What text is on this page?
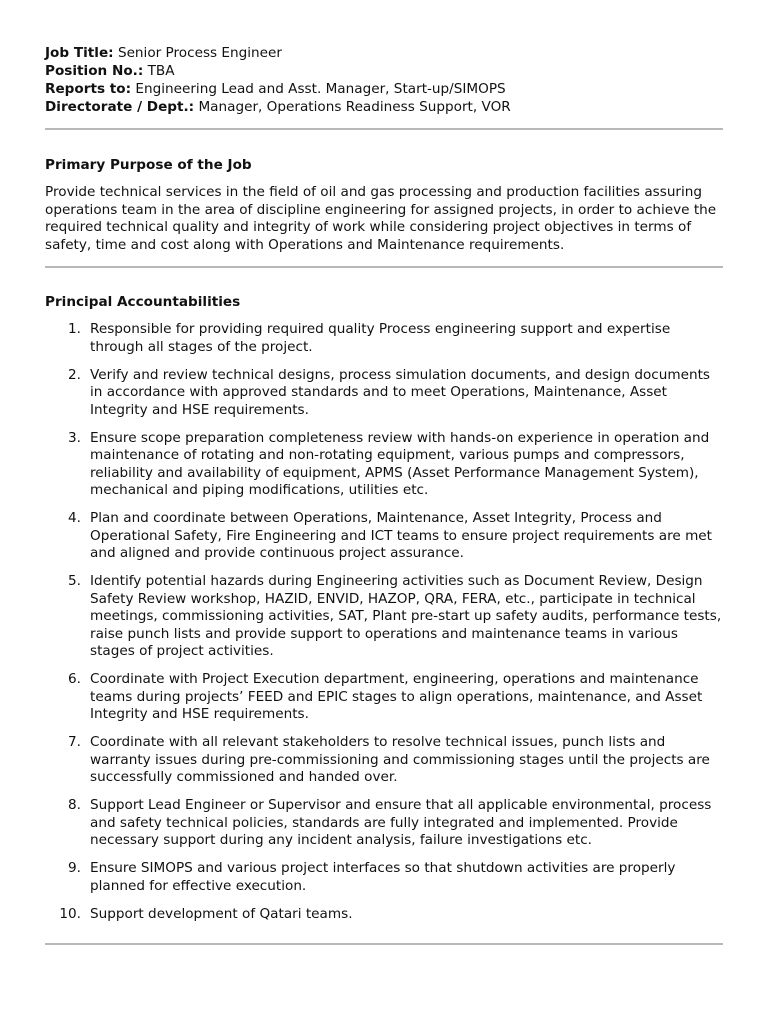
Job Title: Senior Process Engineer
Position No.: TBA
Reports to: Engineering Lead and Asst. Manager, Start-up/SIMOPS
Directorate / Dept.: Manager, Operations Readiness Support, VOR
Primary Purpose of the Job
Provide technical services in the field of oil and gas processing and production facilities assuring operations team in the area of discipline engineering for assigned projects, in order to achieve the required technical quality and integrity of work while considering project objectives in terms of safety, time and cost along with Operations and Maintenance requirements.
Principal Accountabilities
1. Responsible for providing required quality Process engineering support and expertise through all stages of the project.
2. Verify and review technical designs, process simulation documents, and design documents in accordance with approved standards and to meet Operations, Maintenance, Asset Integrity and HSE requirements.
3. Ensure scope preparation completeness review with hands-on experience in operation and maintenance of rotating and non-rotating equipment, various pumps and compressors, reliability and availability of equipment, APMS (Asset Performance Management System), mechanical and piping modifications, utilities etc.
4. Plan and coordinate between Operations, Maintenance, Asset Integrity, Process and Operational Safety, Fire Engineering and ICT teams to ensure project requirements are met and aligned and provide continuous project assurance.
5. Identify potential hazards during Engineering activities such as Document Review, Design Safety Review workshop, HAZID, ENVID, HAZOP, QRA, FERA, etc., participate in technical meetings, commissioning activities, SAT, Plant pre-start up safety audits, performance tests, raise punch lists and provide support to operations and maintenance teams in various stages of project activities.
6. Coordinate with Project Execution department, engineering, operations and maintenance teams during projects’ FEED and EPIC stages to align operations, maintenance, and Asset Integrity and HSE requirements.
7. Coordinate with all relevant stakeholders to resolve technical issues, punch lists and warranty issues during pre-commissioning and commissioning stages until the projects are successfully commissioned and handed over.
8. Support Lead Engineer or Supervisor and ensure that all applicable environmental, process and safety technical policies, standards are fully integrated and implemented. Provide necessary support during any incident analysis, failure investigations etc.
9. Ensure SIMOPS and various project interfaces so that shutdown activities are properly planned for effective execution.
10. Support development of Qatari teams.
